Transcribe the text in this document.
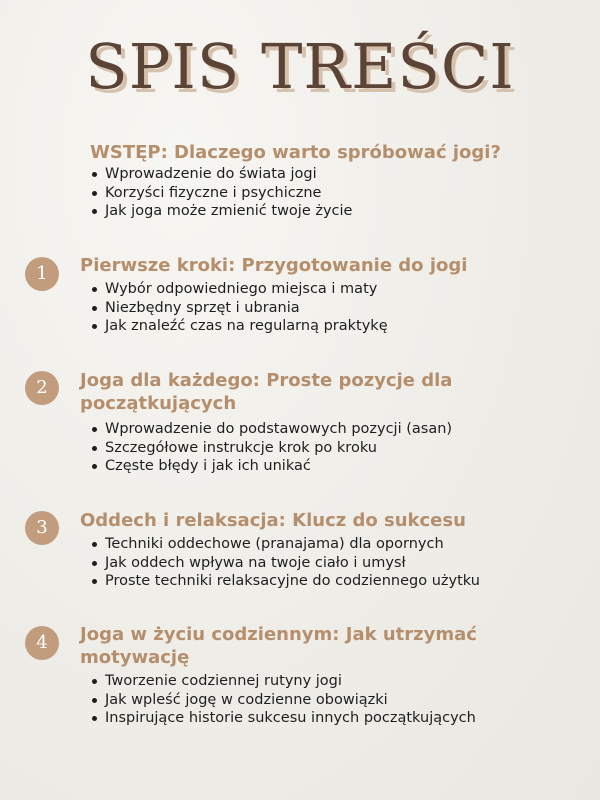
SPIS TREŚCI
WSTĘP: Dlaczego warto spróbować jogi?
Wprowadzenie do świata jogi
Korzyści fizyczne i psychiczne
Jak joga może zmienić twoje życie
1	Pierwsze kroki: Przygotowanie do jogi
Wybór odpowiedniego miejsca i maty
Niezbędny sprzęt i ubrania
Jak znaleźć czas na regularną praktykę
2	Joga dla każdego: Proste pozycje dla początkujących
Wprowadzenie do podstawowych pozycji (asan)
Szczegółowe instrukcje krok po kroku
Częste błędy i jak ich unikać
3	Oddech i relaksacja: Klucz do sukcesu
Techniki oddechowe (pranajama) dla opornych
Jak oddech wpływa na twoje ciało i umysł
Proste techniki relaksacyjne do codziennego użytku
4	Joga w życiu codziennym: Jak utrzymać motywację
Tworzenie codziennej rutyny jogi
Jak wpleść jogę w codzienne obowiązki
Inspirujące historie sukcesu innych początkujących
